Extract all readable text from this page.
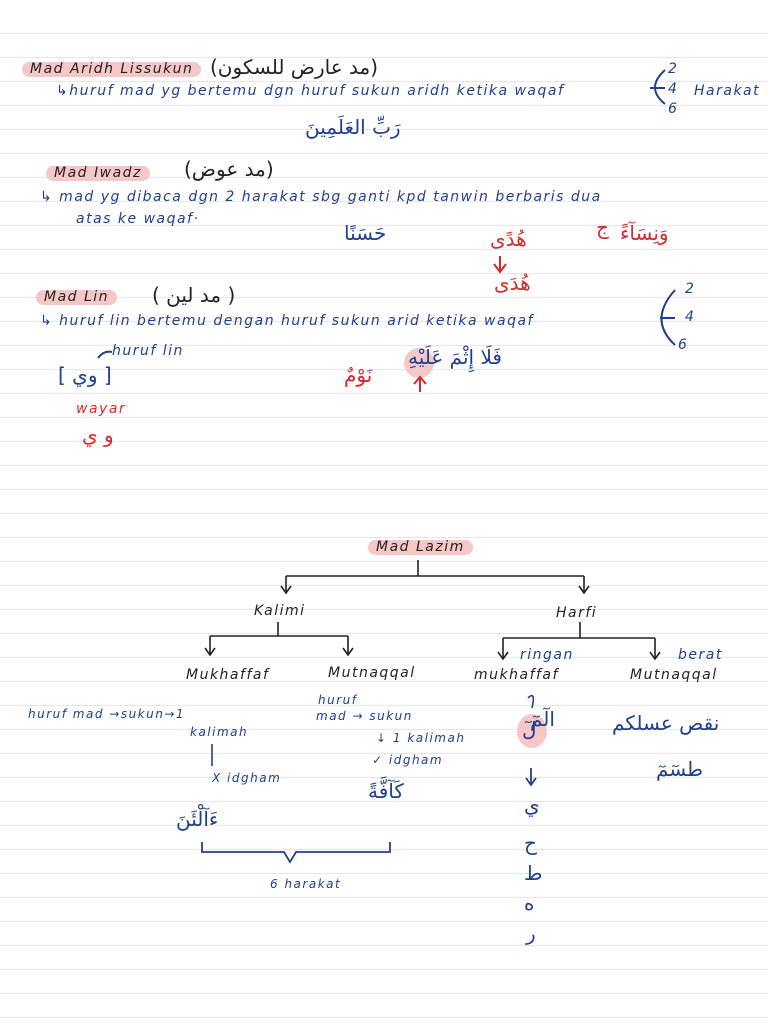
Mad Aridh Lissukun (مد عارض للسكون)
↳huruf mad yg bertemu dgn huruf sukun aridh ketika waqaf
2
4
6
Harakat
رَبِّ العَلَمِينَ
Mad Iwadz	(مد عوض)
↳ mad yg dibaca dgn 2 harakat sbg ganti kpd tanwin berbaris dua
atas ke waqaf·
حَسَنًا	هُدًى
هُدَى
وَنِسَآءً
ج
Mad Lin	( مد لين )
↳ huruf lin bertemu dengan huruf sukun arid ketika waqaf
2
4
6
huruf lin
[ وي ]
wayar
و ي
نَوْمٌ
فَلَا إِثْمَ عَلَيْهِ
Mad Lazim
Kalimi	Harfi
Mukhaffaf	Mutnaqqal	mukhaffaf	Mutnaqqal
ringan	berat
huruf mad →sukun→1
kalimah
X idgham
ءَآلْئَنَ
huruf
mad → sukun
↓ 1 kalimah
✓ idgham
كَآفَّةً
الٓمٓ
لٓ
ي
ح
ط
ه
ر
نقص عسلكم
طسٓمٓ
6 harakat
